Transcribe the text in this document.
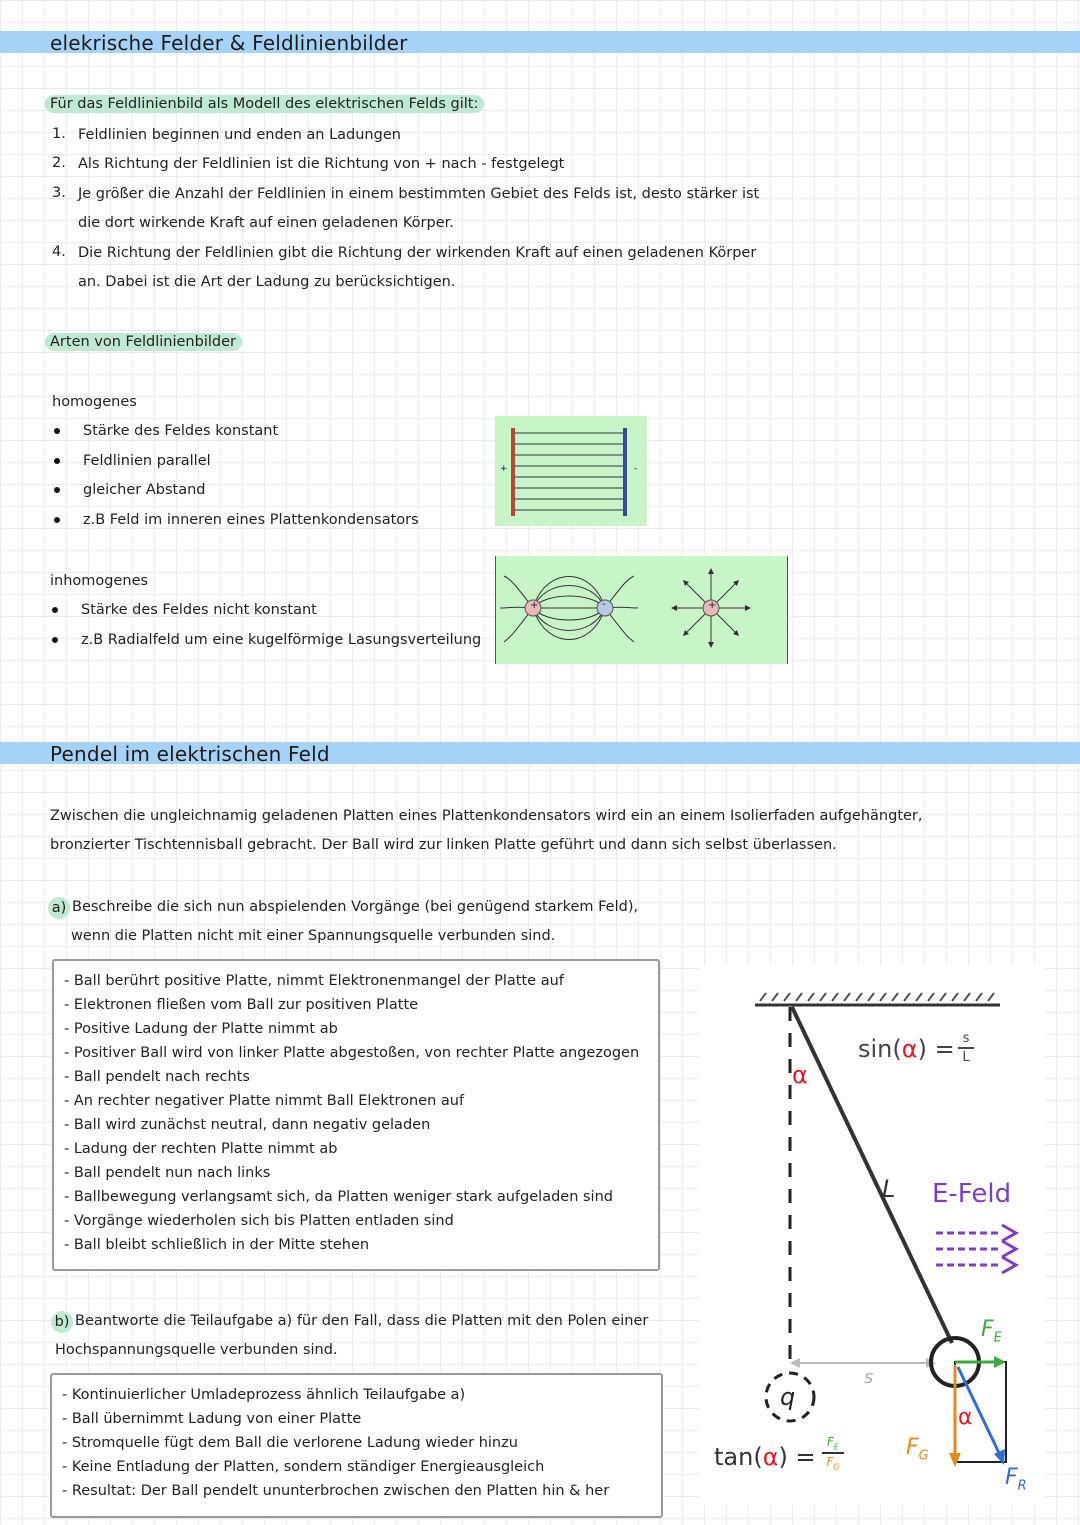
elekrische Felder & Feldlinienbilder
Für das Feldlinienbild als Modell des elektrischen Felds gilt:
1. Feldlinien beginnen und enden an Ladungen
2. Als Richtung der Feldlinien ist die Richtung von + nach - festgelegt
3. Je größer die Anzahl der Feldlinien in einem bestimmten Gebiet des Felds ist, desto stärker ist
die dort wirkende Kraft auf einen geladenen Körper.
4. Die Richtung der Feldlinien gibt die Richtung der wirkenden Kraft auf einen geladenen Körper
an. Dabei ist die Art der Ladung zu berücksichtigen.
Arten von Feldlinienbilder
homogenes
Stärke des Feldes konstant
Feldlinien parallel
gleicher Abstand
z.B Feld im inneren eines Plattenkondensators
+	-
inhomogenes
Stärke des Feldes nicht konstant
z.B Radialfeld um eine kugelförmige Lasungsverteilung
+	-	+
Pendel im elektrischen Feld
Zwischen die ungleichnamig geladenen Platten eines Plattenkondensators wird ein an einem Isolierfaden aufgehängter,
bronzierter Tischtennisball gebracht. Der Ball wird zur linken Platte geführt und dann sich selbst überlassen.
a) Beschreibe die sich nun abspielenden Vorgänge (bei genügend starkem Feld),
wenn die Platten nicht mit einer Spannungsquelle verbunden sind.
- Ball berührt positive Platte, nimmt Elektronenmangel der Platte auf
- Elektronen fließen vom Ball zur positiven Platte
- Positive Ladung der Platte nimmt ab
- Positiver Ball wird von linker Platte abgestoßen, von rechter Platte angezogen
- Ball pendelt nach rechts
- An rechter negativer Platte nimmt Ball Elektronen auf
- Ball wird zunächst neutral, dann negativ geladen
- Ladung der rechten Platte nimmt ab
- Ball pendelt nun nach links
- Ballbewegung verlangsamt sich, da Platten weniger stark aufgeladen sind
- Vorgänge wiederholen sich bis Platten entladen sind
- Ball bleibt schließlich in der Mitte stehen
b) Beantworte die Teilaufgabe a) für den Fall, dass die Platten mit den Polen einer
Hochspannungsquelle verbunden sind.
- Kontinuierlicher Umladeprozess ähnlich Teilaufgabe a)
- Ball übernimmt Ladung von einer Platte
- Stromquelle fügt dem Ball die verlorene Ladung wieder hinzu
- Keine Entladung der Platten, sondern ständiger Energieausgleich
- Resultat: Der Ball pendelt ununterbrochen zwischen den Platten hin & her
α
sin(α) = s
L
L E-Feld
s
q
$F_E$
$F_G$
$F_R$
α
tan(α) =
$F_E$
$F_G$
